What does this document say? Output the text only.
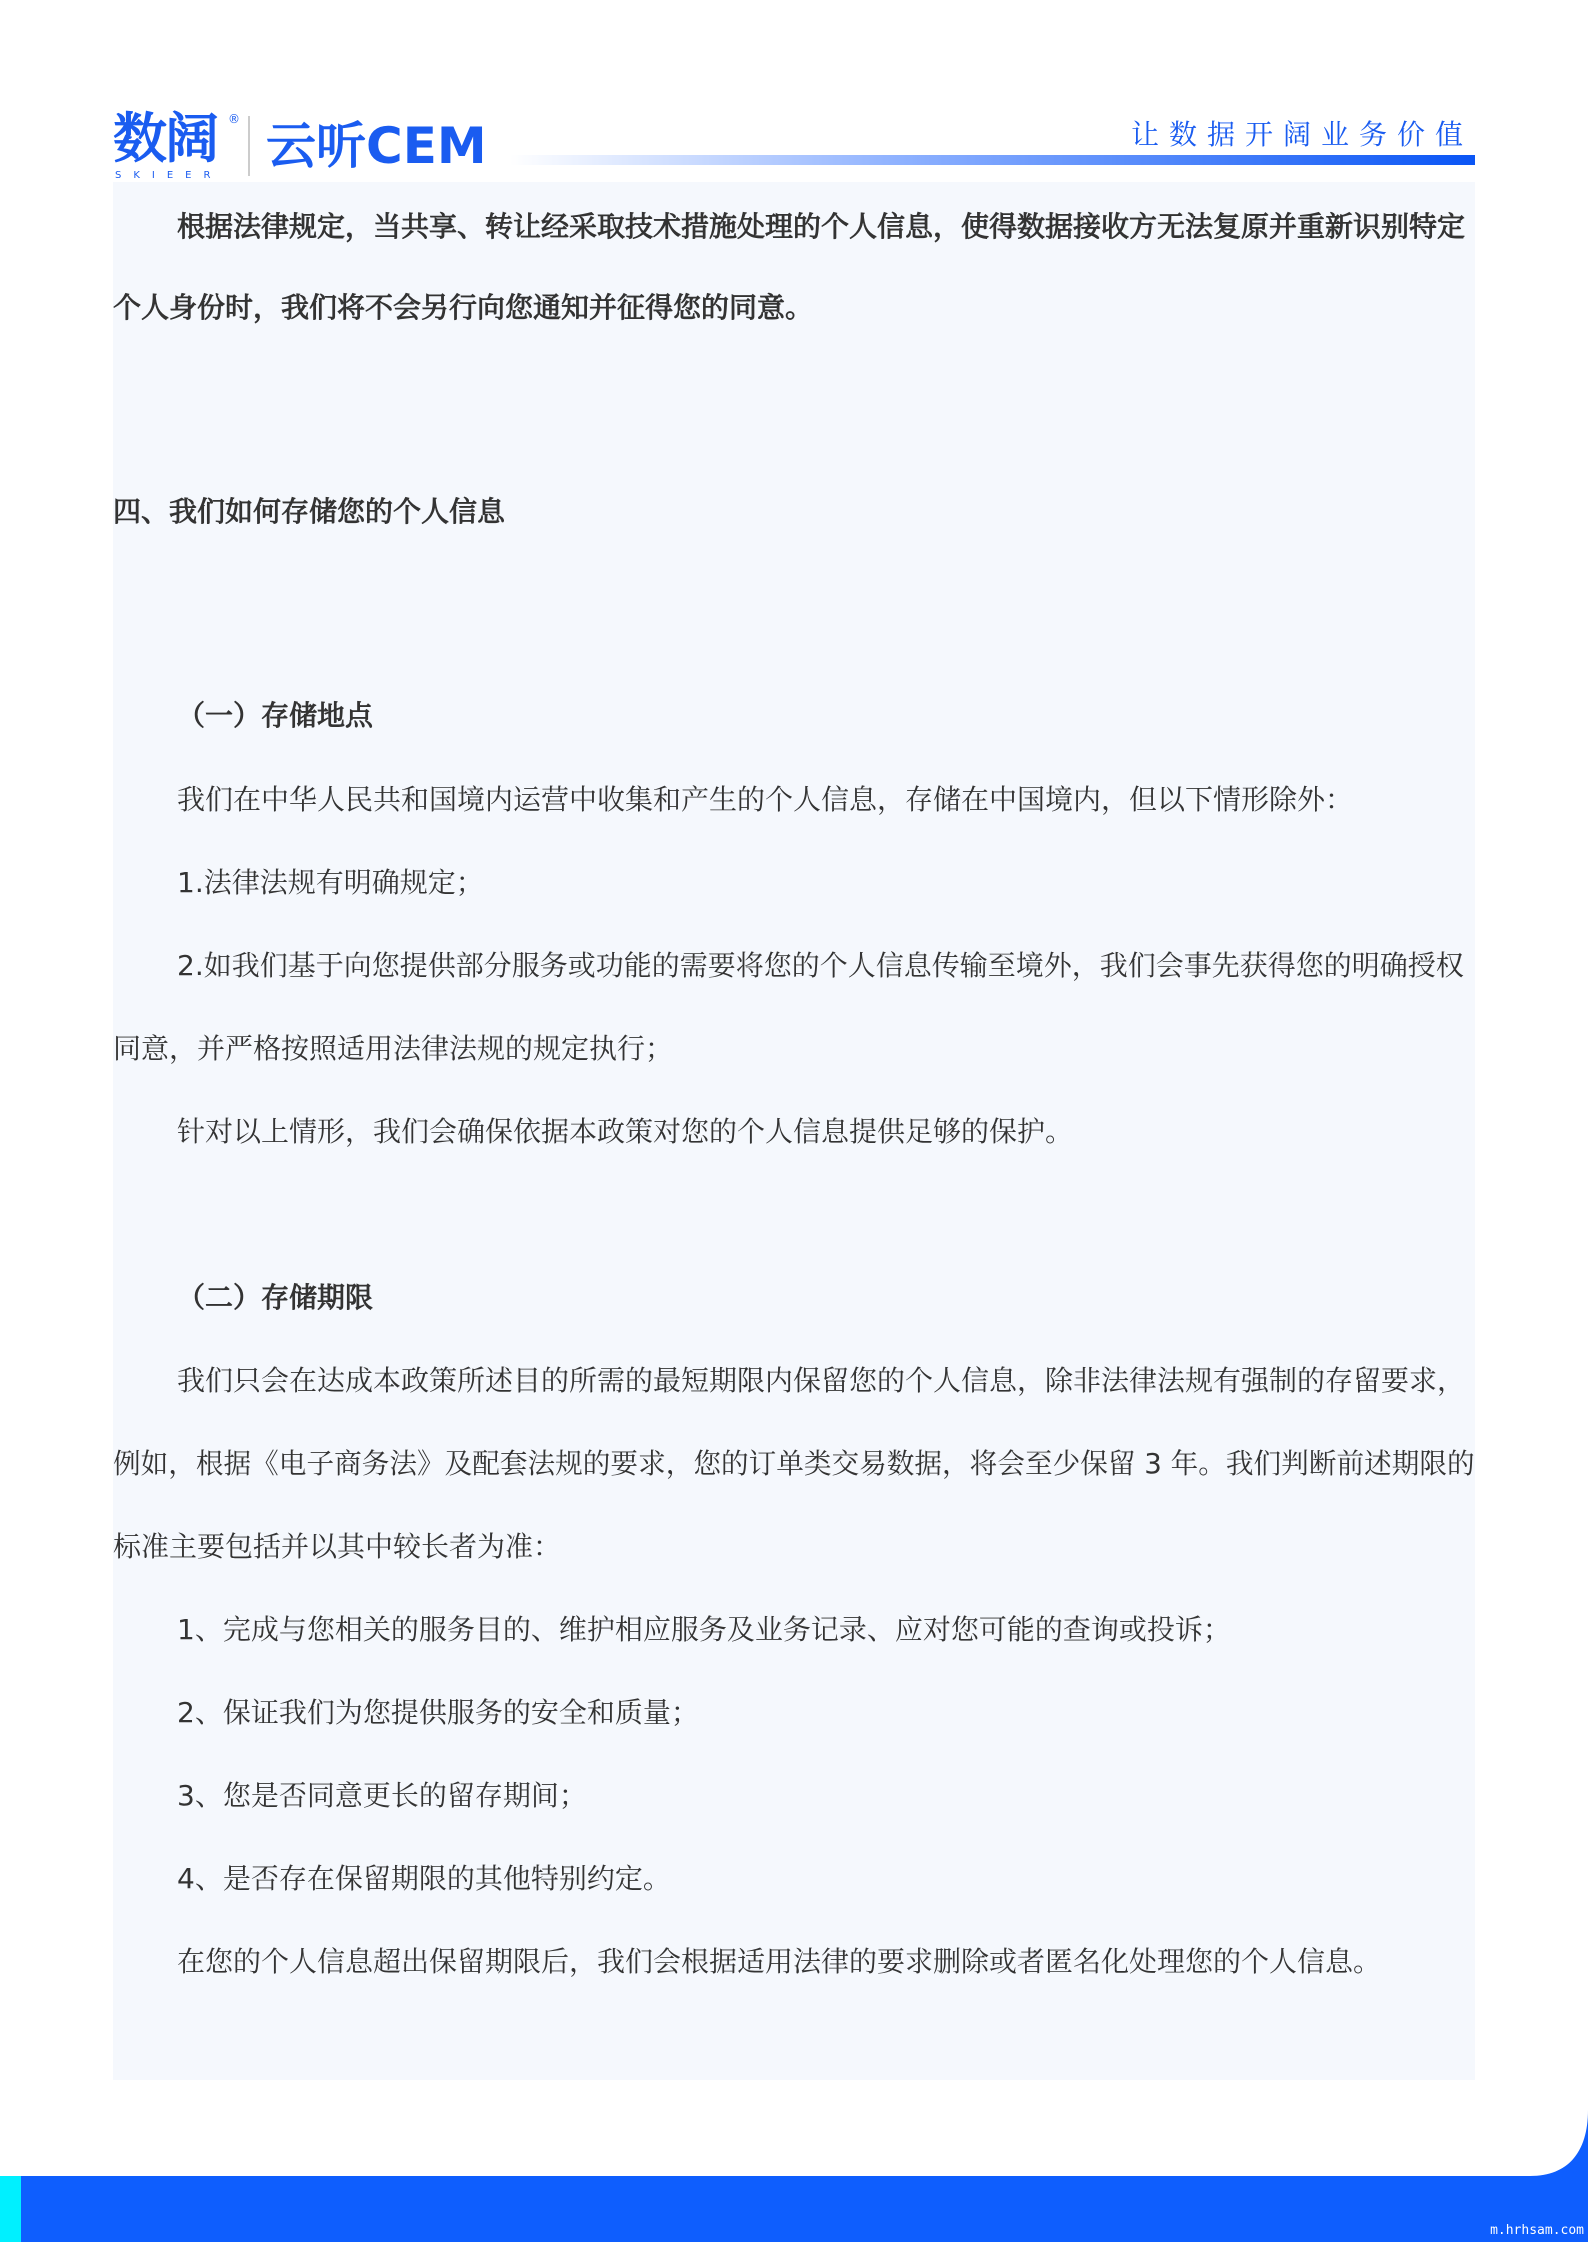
数阔 ®
SKIEER
云听CEM	让数据开阔业务价值
根据法律规定，当共享、转让经采取技术措施处理的个人信息，使得数据接收方无法复原并重新识别特定
个人身份时，我们将不会另行向您通知并征得您的同意。
四、我们如何存储您的个人信息
（一）存储地点
我们在中华人民共和国境内运营中收集和产生的个人信息，存储在中国境内，但以下情形除外：
1.法律法规有明确规定；
2.如我们基于向您提供部分服务或功能的需要将您的个人信息传输至境外，我们会事先获得您的明确授权
同意，并严格按照适用法律法规的规定执行；
针对以上情形，我们会确保依据本政策对您的个人信息提供足够的保护。
（二）存储期限
我们只会在达成本政策所述目的所需的最短期限内保留您的个人信息，除非法律法规有强制的存留要求，
例如，根据《电子商务法》及配套法规的要求，您的订单类交易数据，将会至少保留 3 年。我们判断前述期限的
标准主要包括并以其中较长者为准：
1、完成与您相关的服务目的、维护相应服务及业务记录、应对您可能的查询或投诉；
2、保证我们为您提供服务的安全和质量；
3、您是否同意更长的留存期间；
4、是否存在保留期限的其他特别约定。
在您的个人信息超出保留期限后，我们会根据适用法律的要求删除或者匿名化处理您的个人信息。
m.hrhsam.com
